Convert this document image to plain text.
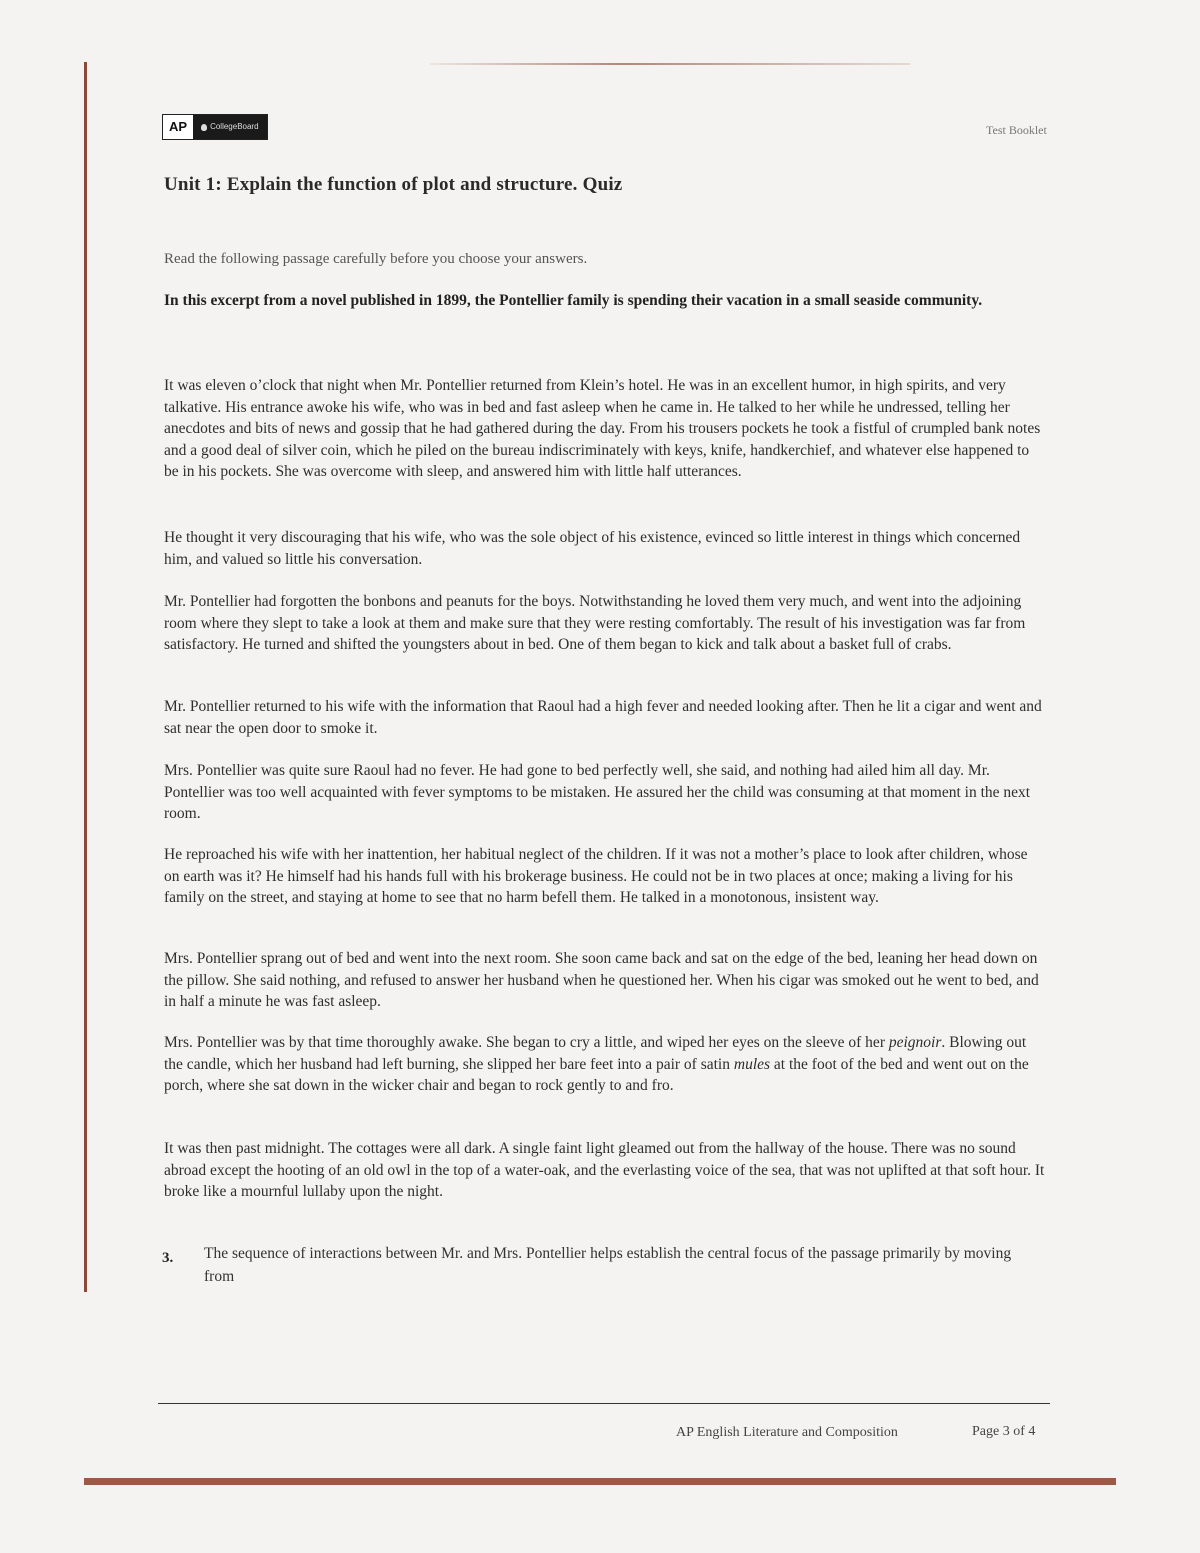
AP	CollegeBoard	Test Booklet
Unit 1: Explain the function of plot and structure. Quiz
Read the following passage carefully before you choose your answers.
In this excerpt from a novel published in 1899, the Pontellier family is spending their vacation in a small seaside community.

It was eleven o’clock that night when Mr. Pontellier returned from Klein’s hotel. He was in an excellent humor, in high spirits, and very talkative. His entrance awoke his wife, who was in bed and fast asleep when he came in. He talked to her while he undressed, telling her anecdotes and bits of news and gossip that he had gathered during the day. From his trousers pockets he took a fistful of crumpled bank notes and a good deal of silver coin, which he piled on the bureau indiscriminately with keys, knife, handkerchief, and whatever else happened to be in his pockets. She was overcome with sleep, and answered him with little half utterances.

He thought it very discouraging that his wife, who was the sole object of his existence, evinced so little interest in things which concerned him, and valued so little his conversation.

Mr. Pontellier had forgotten the bonbons and peanuts for the boys. Notwithstanding he loved them very much, and went into the adjoining room where they slept to take a look at them and make sure that they were resting comfortably. The result of his investigation was far from satisfactory. He turned and shifted the youngsters about in bed. One of them began to kick and talk about a basket full of crabs.

Mr. Pontellier returned to his wife with the information that Raoul had a high fever and needed looking after. Then he lit a cigar and went and sat near the open door to smoke it.

Mrs. Pontellier was quite sure Raoul had no fever. He had gone to bed perfectly well, she said, and nothing had ailed him all day. Mr. Pontellier was too well acquainted with fever symptoms to be mistaken. He assured her the child was consuming at that moment in the next room.

He reproached his wife with her inattention, her habitual neglect of the children. If it was not a mother’s place to look after children, whose on earth was it? He himself had his hands full with his brokerage business. He could not be in two places at once; making a living for his family on the street, and staying at home to see that no harm befell them. He talked in a monotonous, insistent way.

Mrs. Pontellier sprang out of bed and went into the next room. She soon came back and sat on the edge of the bed, leaning her head down on the pillow. She said nothing, and refused to answer her husband when he questioned her. When his cigar was smoked out he went to bed, and in half a minute he was fast asleep.

Mrs. Pontellier was by that time thoroughly awake. She began to cry a little, and wiped her eyes on the sleeve of her peignoir. Blowing out the candle, which her husband had left burning, she slipped her bare feet into a pair of satin mules at the foot of the bed and went out on the porch, where she sat down in the wicker chair and began to rock gently to and fro.

It was then past midnight. The cottages were all dark. A single faint light gleamed out from the hallway of the house. There was no sound abroad except the hooting of an old owl in the top of a water-oak, and the everlasting voice of the sea, that was not uplifted at that soft hour. It broke like a mournful lullaby upon the night.

3. The sequence of interactions between Mr. and Mrs. Pontellier helps establish the central focus of the passage primarily by moving from
AP English Literature and Composition	Page 3 of 4
